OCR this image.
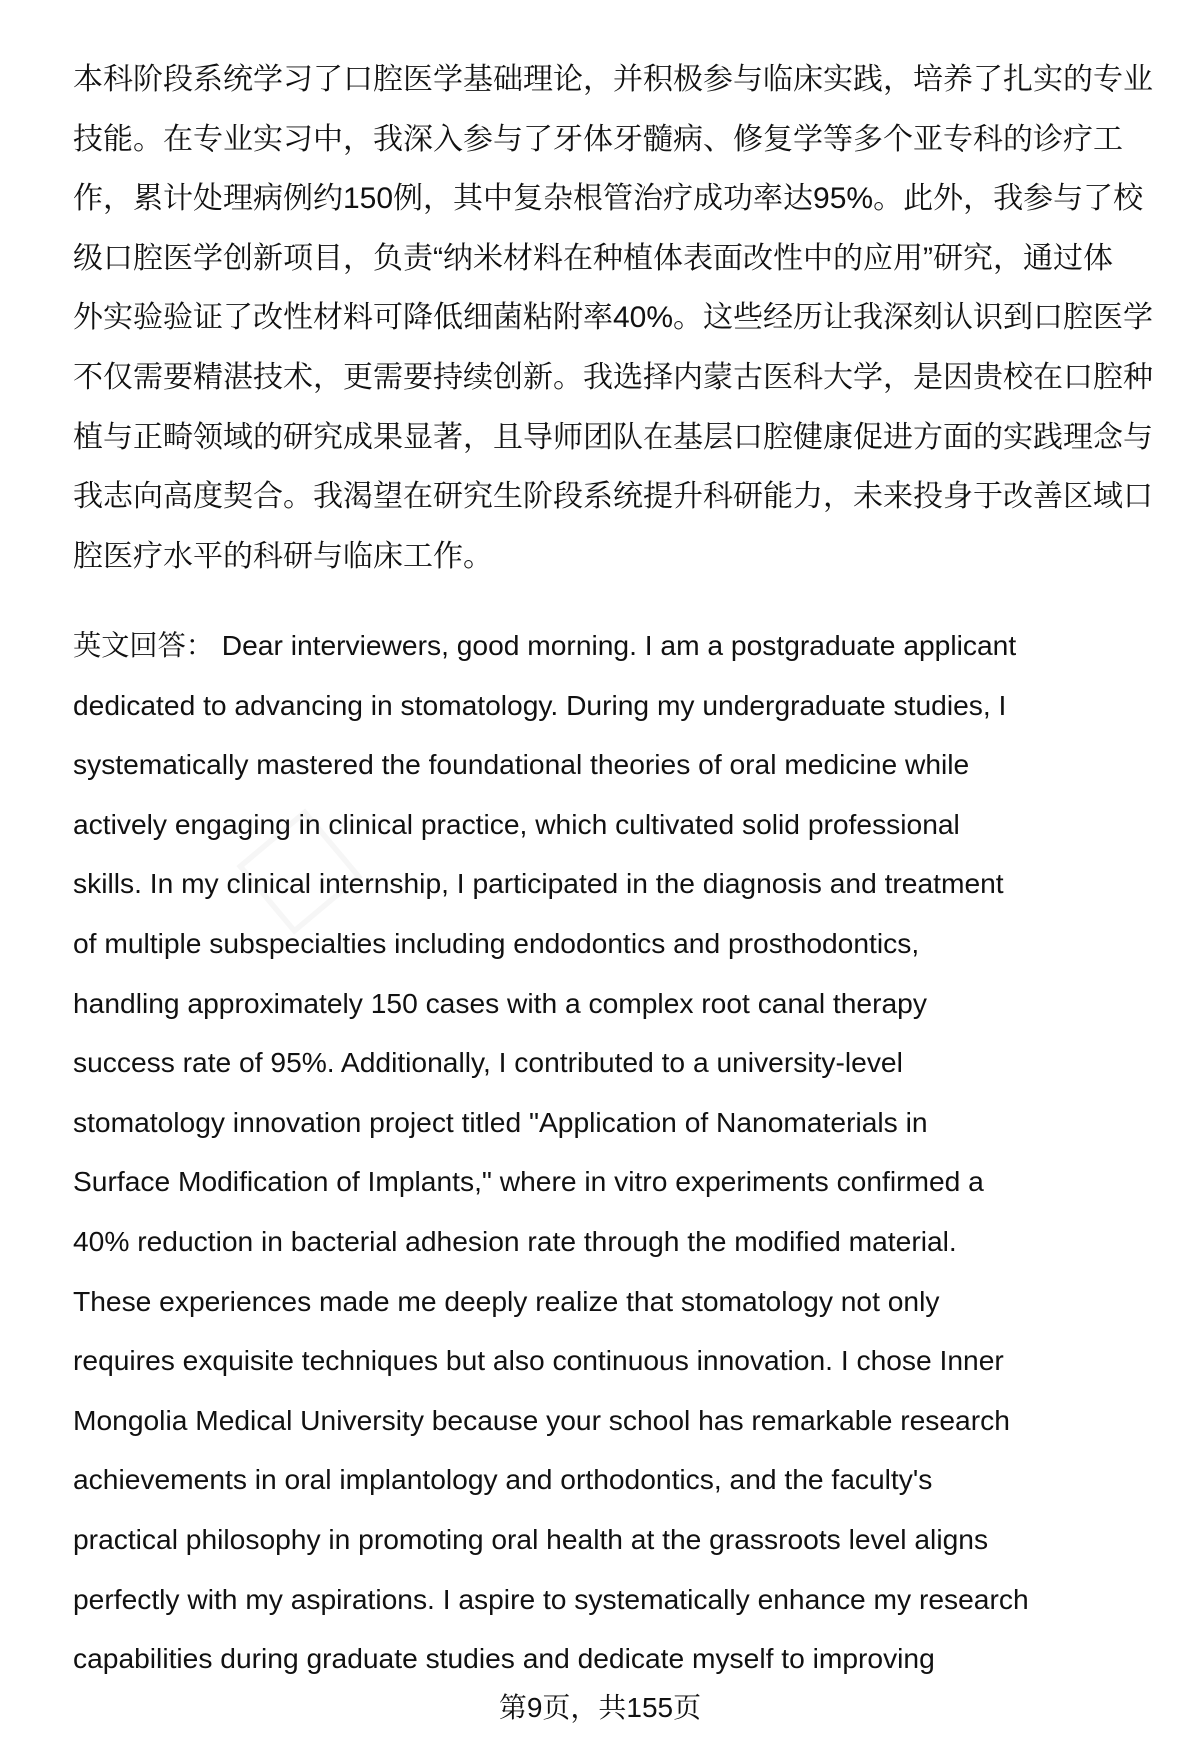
本科阶段系统学习了口腔医学基础理论，并积极参与临床实践，培养了扎实的专业
技能。在专业实习中，我深入参与了牙体牙髓病、修复学等多个亚专科的诊疗工
作，累计处理病例约150例，其中复杂根管治疗成功率达95%。此外，我参与了校
级口腔医学创新项目，负责“纳米材料在种植体表面改性中的应用”研究，通过体
外实验验证了改性材料可降低细菌粘附率40%。这些经历让我深刻认识到口腔医学
不仅需要精湛技术，更需要持续创新。我选择内蒙古医科大学，是因贵校在口腔种
植与正畸领域的研究成果显著，且导师团队在基层口腔健康促进方面的实践理念与
我志向高度契合。我渴望在研究生阶段系统提升科研能力，未来投身于改善区域口
腔医疗水平的科研与临床工作。
英文回答： Dear interviewers, good morning. I am a postgraduate applicant
dedicated to advancing in stomatology. During my undergraduate studies, I
systematically mastered the foundational theories of oral medicine while
actively engaging in clinical practice, which cultivated solid professional
skills. In my clinical internship, I participated in the diagnosis and treatment
of multiple subspecialties including endodontics and prosthodontics,
handling approximately 150 cases with a complex root canal therapy
success rate of 95%. Additionally, I contributed to a university-level
stomatology innovation project titled "Application of Nanomaterials in
Surface Modification of Implants," where in vitro experiments confirmed a
40% reduction in bacterial adhesion rate through the modified material.
These experiences made me deeply realize that stomatology not only
requires exquisite techniques but also continuous innovation. I chose Inner
Mongolia Medical University because your school has remarkable research
achievements in oral implantology and orthodontics, and the faculty's
practical philosophy in promoting oral health at the grassroots level aligns
perfectly with my aspirations. I aspire to systematically enhance my research
capabilities during graduate studies and dedicate myself to improving
第9页，共155页
